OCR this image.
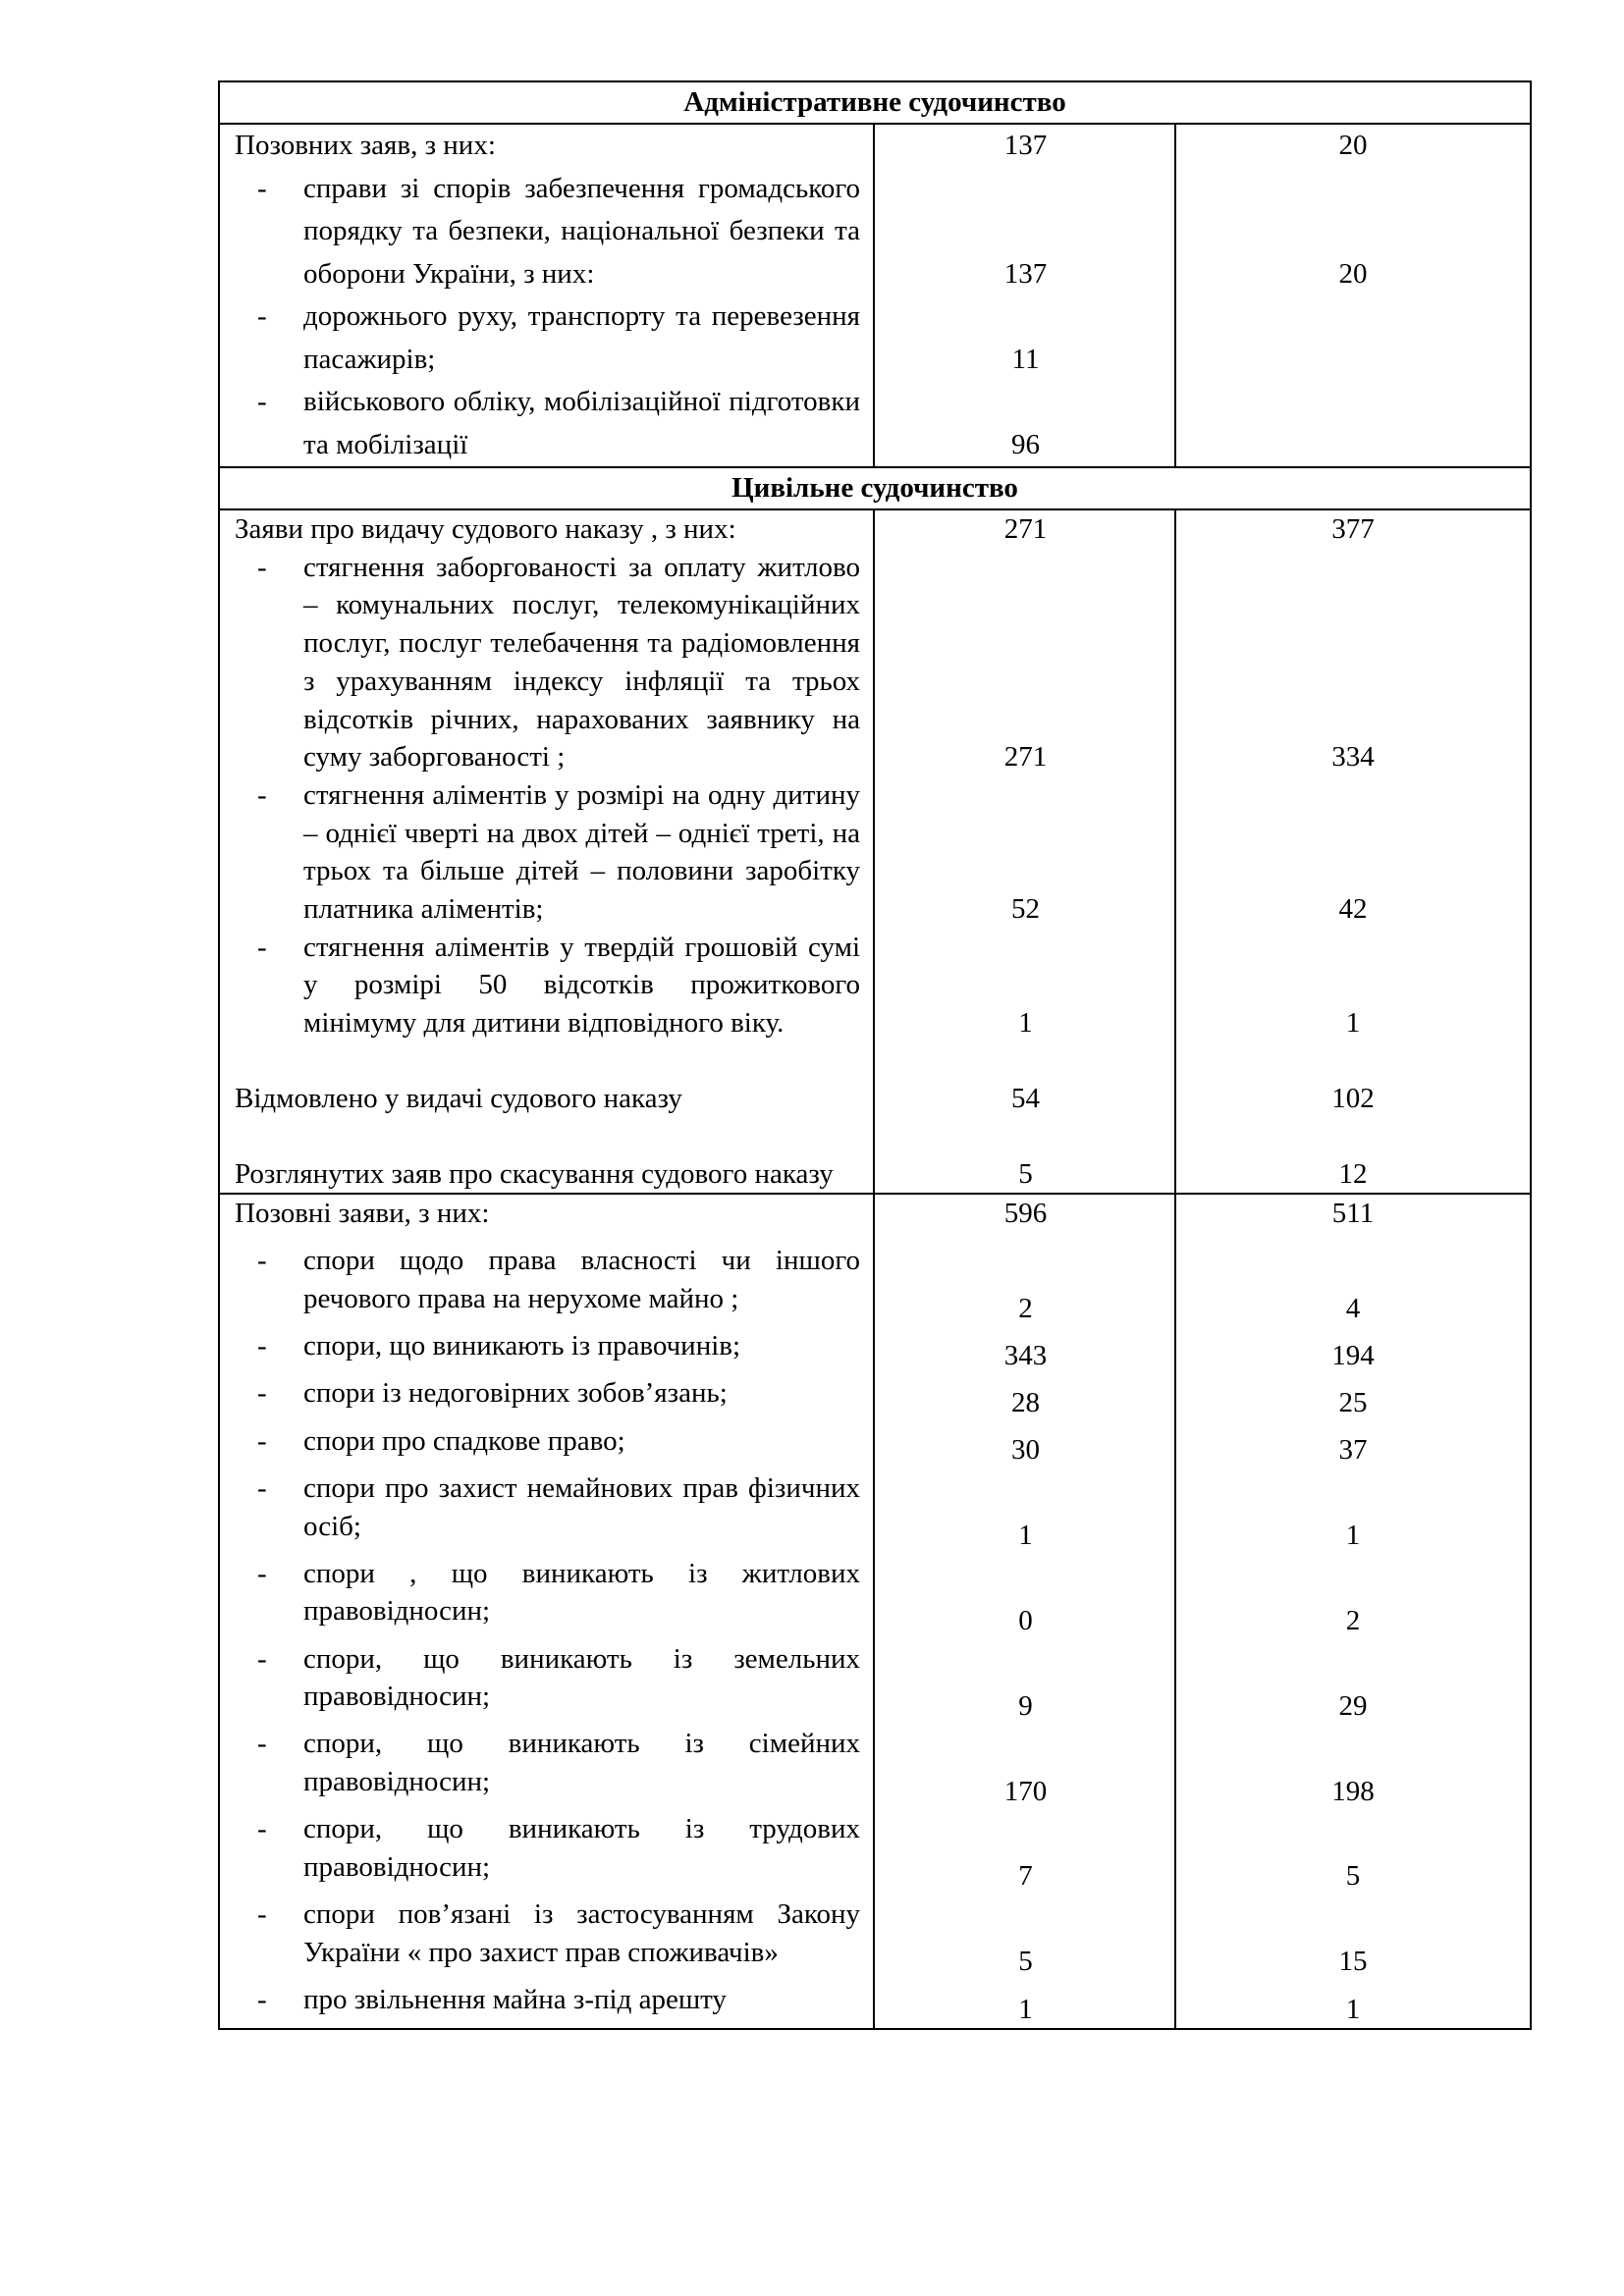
Адміністративне судочинство
Позовних заяв, з них:	137	20
- справи зі спорів забезпечення громадського порядку та безпеки, національної безпеки та оборони України, з них:	137	20
- дорожнього руху, транспорту та перевезення пасажирів;	11
- військового обліку, мобілізаційної підготовки та мобілізації	96
Цивільне судочинство
Заяви про видачу судового наказу , з них:	271	377
- стягнення заборгованості за оплату житлово – комунальних послуг, телекомунікаційних послуг, послуг телебачення та радіомовлення з урахуванням індексу інфляції та трьох відсотків річних, нарахованих заявнику на суму заборгованості ;	271	334
- стягнення аліментів у розмірі на одну дитину – однієї чверті на двох дітей – однієї треті, на трьох та більше дітей – половини заробітку платника аліментів;	52	42
- стягнення аліментів у твердій грошовій сумі у розмірі 50 відсотків прожиткового мінімуму для дитини відповідного віку.	1	1
Відмовлено у видачі судового наказу	54	102
Розглянутих заяв про скасування судового наказу	5	12
Позовні заяви, з них:	596	511
- спори щодо права власності чи іншого речового права на нерухоме майно ;	2	4
- спори, що виникають із правочинів;	343	194
- спори із недоговірних зобов’язань;	28	25
- спори про спадкове право;	30	37
- спори про захист немайнових прав фізичних осіб;	1	1
- спори , що виникають із житлових правовідносин;	0	2
- спори, що виникають із земельних правовідносин;	9	29
- спори, що виникають із сімейних правовідносин;	170	198
- спори, що виникають із трудових правовідносин;	7	5
- спори пов’язані із застосуванням Закону України « про захист прав споживачів»	5	15
- про звільнення майна з-під арешту	1	1
